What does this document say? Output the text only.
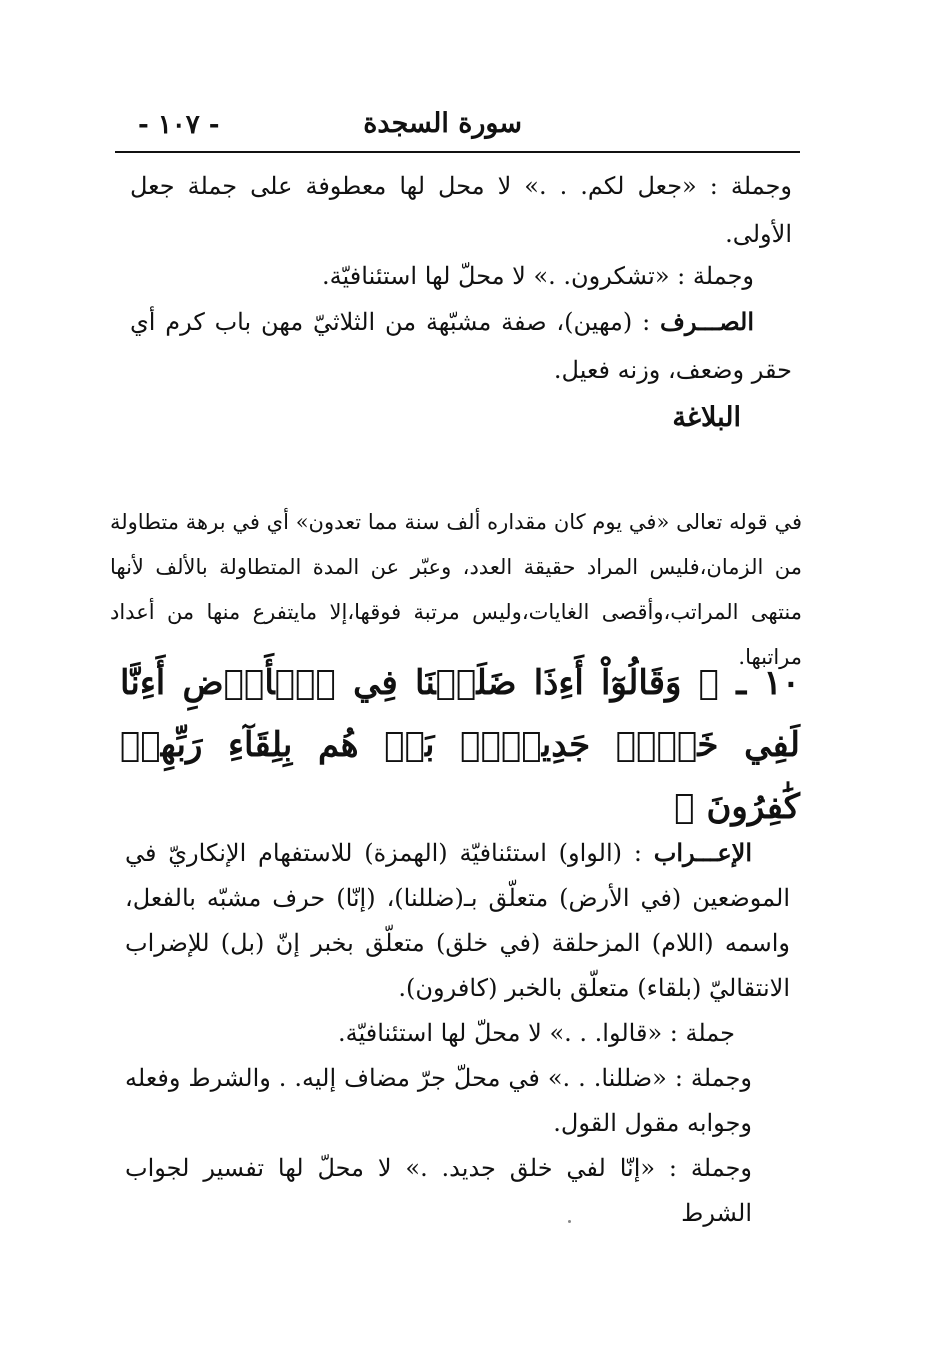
سورة السجدة
- ١٠٧ -

وجملة : «جعل لكم. . .» لا محل لها معطوفة على جملة جعل الأولى.

وجملة : «تشكرون. .» لا محلّ لها استئنافيّة.

الصـــرف : (مهين)، صفة مشبّهة من الثلاثيّ مهن باب كرم أي حقر وضعف، وزنه فعيل.

البلاغة
في قوله تعالى «في يوم كان مقداره ألف سنة مما تعدون» أي في برهة متطاولة من الزمان،فليس المراد حقيقة العدد، وعبّر عن المدة المتطاولة بالألف لأنها منتهى المراتب،وأقصى الغايات،وليس مرتبة فوقها،إلا مايتفرع منها من أعداد مراتبها.
١٠ ـ ﴿ وَقَالُوٓاْ أَءِذَا ضَلَلۡنَا فِي ٱلۡأَرۡضِ أَءِنَّا لَفِي خَلۡقٖ جَدِيدِۭۚ بَلۡ هُم بِلِقَآءِ رَبِّهِمۡ كَٰفِرُونَ ﴾

الإعـــراب : (الواو) استئنافيّة (الهمزة) للاستفهام الإنكاريّ في الموضعين (في الأرض) متعلّق بـ(ضللنا)، (إنّا) حرف مشبّه بالفعل، واسمه (اللام) المزحلقة (في خلق) متعلّق بخبر إنّ (بل) للإضراب الانتقاليّ (بلقاء) متعلّق بالخبر (كافرون).

جملة : «قالوا. . .» لا محلّ لها استئنافيّة.

وجملة : «ضللنا. . .» في محلّ جرّ مضاف إليه. . والشرط وفعله وجوابه مقول القول.

وجملة : «إنّا لفي خلق جديد. .» لا محلّ لها تفسير لجواب الشرط
